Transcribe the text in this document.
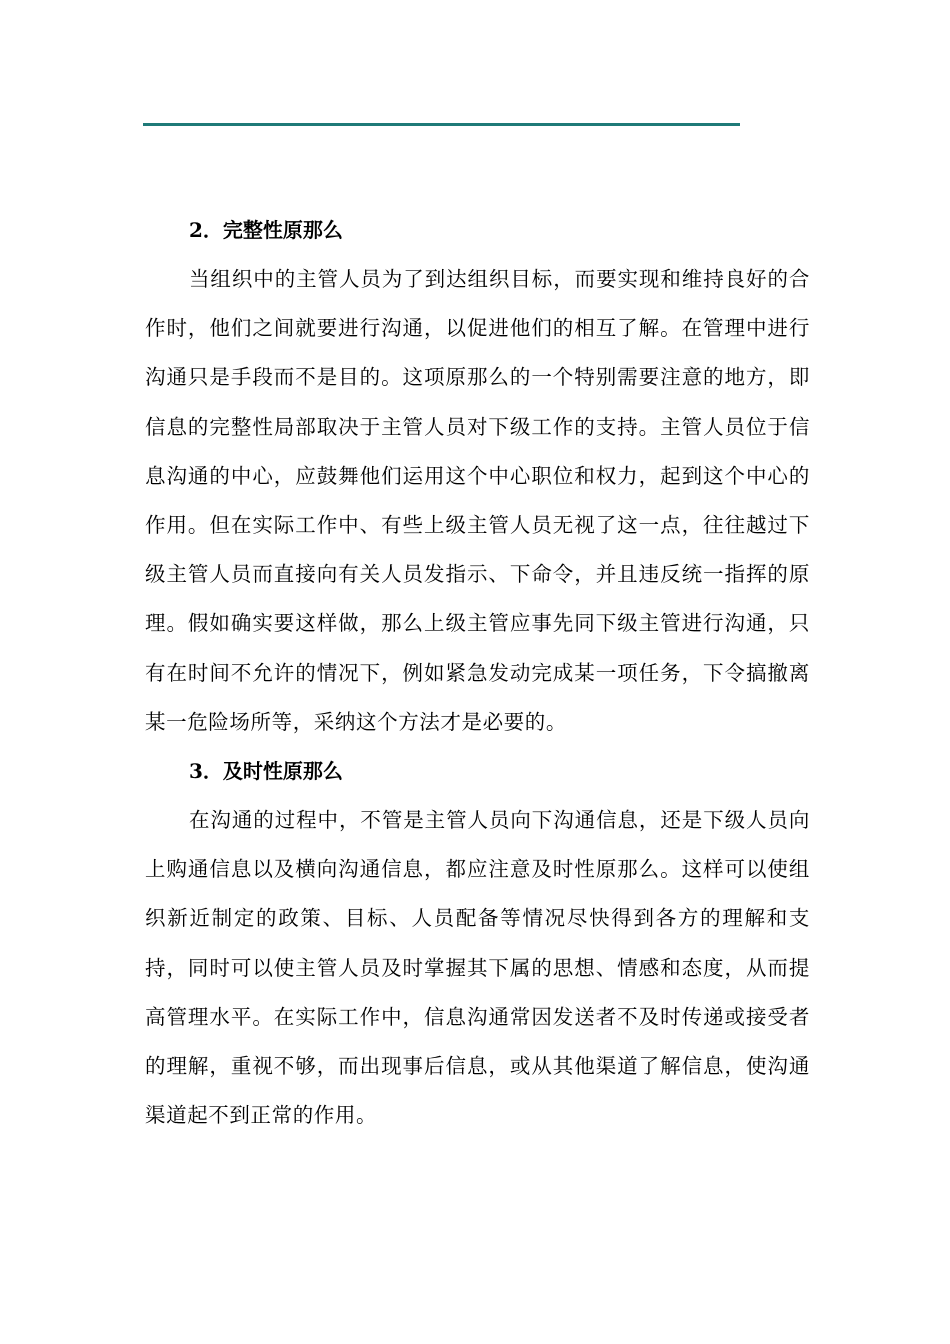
2．完整性原那么

当组织中的主管人员为了到达组织目标，而要实现和维持良好的合作时，他们之间就要进行沟通，以促进他们的相互了解。在管理中进行沟通只是手段而不是目的。这项原那么的一个特别需要注意的地方，即信息的完整性局部取决于主管人员对下级工作的支持。主管人员位于信息沟通的中心，应鼓舞他们运用这个中心职位和权力，起到这个中心的作用。但在实际工作中、有些上级主管人员无视了这一点，往往越过下级主管人员而直接向有关人员发指示、下命令，并且违反统一指挥的原理。假如确实要这样做，那么上级主管应事先同下级主管进行沟通，只有在时间不允许的情况下，例如紧急发动完成某一项任务，下令搞撤离某一危险场所等，采纳这个方法才是必要的。

3．及时性原那么

在沟通的过程中，不管是主管人员向下沟通信息，还是下级人员向上购通信息以及横向沟通信息，都应注意及时性原那么。这样可以使组织新近制定的政策、目标、人员配备等情况尽快得到各方的理解和支持，同时可以使主管人员及时掌握其下属的思想、情感和态度，从而提高管理水平。在实际工作中，信息沟通常因发送者不及时传递或接受者的理解，重视不够，而出现事后信息，或从其他渠道了解信息，使沟通渠道起不到正常的作用。
